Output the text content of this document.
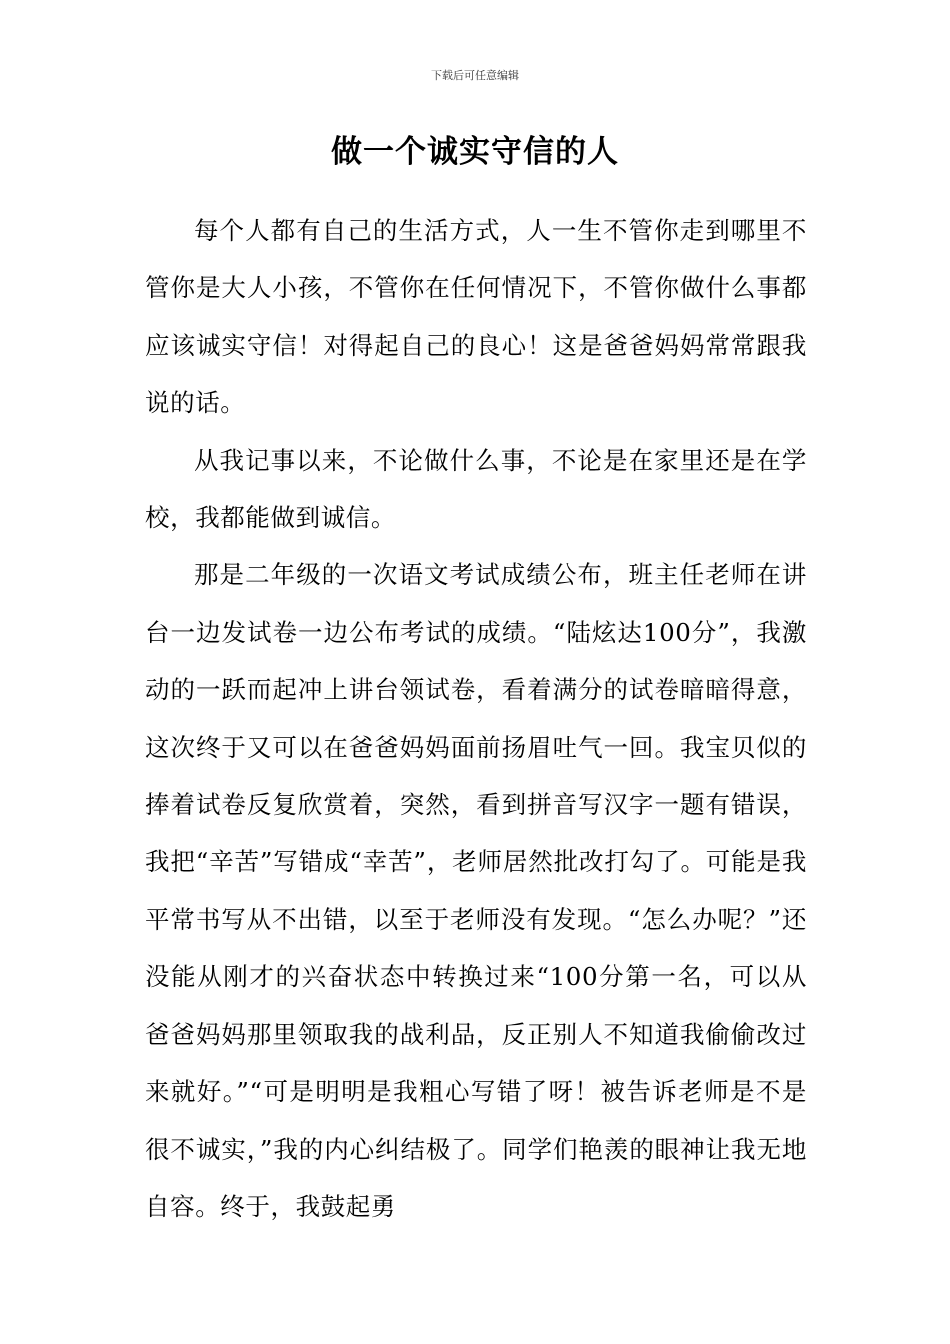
下载后可任意编辑
做一个诚实守信的人

每个人都有自己的生活方式，人一生不管你走到哪里不管你是大人小孩，不管你在任何情况下，不管你做什么事都应该诚实守信！对得起自己的良心！这是爸爸妈妈常常跟我说的话。

从我记事以来，不论做什么事，不论是在家里还是在学校，我都能做到诚信。

那是二年级的一次语文考试成绩公布，班主任老师在讲台一边发试卷一边公布考试的成绩。“陆炫达100分”，我激动的一跃而起冲上讲台领试卷，看着满分的试卷暗暗得意，这次终于又可以在爸爸妈妈面前扬眉吐气一回。我宝贝似的捧着试卷反复欣赏着，突然，看到拼音写汉字一题有错误，我把“辛苦”写错成“幸苦”，老师居然批改打勾了。可能是我平常书写从不出错，以至于老师没有发现。“怎么办呢？”还没能从刚才的兴奋状态中转换过来“100分第一名，可以从爸爸妈妈那里领取我的战利品，反正别人不知道我偷偷改过来就好。”“可是明明是我粗心写错了呀！被告诉老师是不是很不诚实，”我的内心纠结极了。同学们艳羡的眼神让我无地自容。终于，我鼓起勇
